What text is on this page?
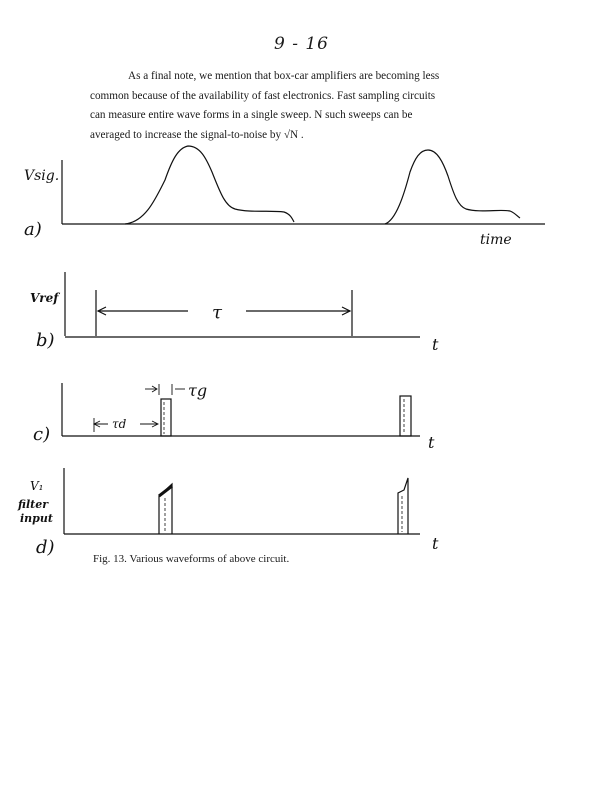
9 - 16
As a final note, we mention that box-car amplifiers are becoming less
common because of the availability of fast electronics. Fast sampling circuits
can measure entire wave forms in a single sweep. N such sweeps can be
averaged to increase the signal-to-noise by √N .
Vsig.
a)	time
Vref
τ
b)	t
τg
τd
c)	t
V₁
filter
input
d)	t
Fig. 13. Various waveforms of above circuit.
